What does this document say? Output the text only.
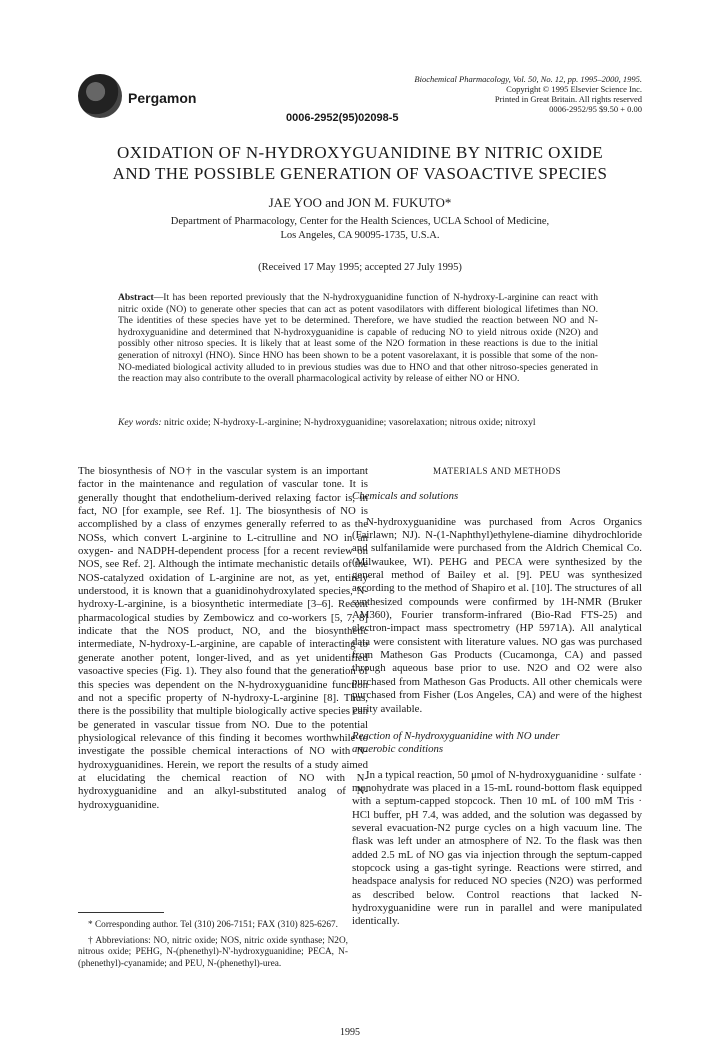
Pergamon
0006-2952(95)02098-5
Biochemical Pharmacology, Vol. 50, No. 12, pp. 1995–2000, 1995.
Copyright © 1995 Elsevier Science Inc.
Printed in Great Britain. All rights reserved
0006-2952/95 $9.50 + 0.00
OXIDATION OF N-HYDROXYGUANIDINE BY NITRIC OXIDE
AND THE POSSIBLE GENERATION OF VASOACTIVE SPECIES
JAE YOO and JON M. FUKUTO*
Department of Pharmacology, Center for the Health Sciences, UCLA School of Medicine,
Los Angeles, CA 90095-1735, U.S.A.
(Received 17 May 1995; accepted 27 July 1995)
Abstract—It has been reported previously that the N-hydroxyguanidine function of N-hydroxy-L-arginine can react with nitric oxide (NO) to generate other species that can act as potent vasodilators with different biological lifetimes than NO. The identities of these species have yet to be determined. Therefore, we have studied the reaction between NO and N-hydroxyguanidine and determined that N-hydroxyguanidine is capable of reducing NO to yield nitrous oxide (N2O) and possibly other nitroso species. It is likely that at least some of the N2O formation in these reactions is due to the initial generation of nitroxyl (HNO). Since HNO has been shown to be a potent vasorelaxant, it is possible that some of the non-NO-mediated biological activity alluded to in previous studies was due to HNO and that other nitroso-species generated in the reaction may also contribute to the overall pharmacological activity by release of either NO or HNO.
Key words: nitric oxide; N-hydroxy-L-arginine; N-hydroxyguanidine; vasorelaxation; nitrous oxide; nitroxyl

The biosynthesis of NO† in the vascular system is an important factor in the maintenance and regulation of vascular tone. It is generally thought that endothelium-derived relaxing factor is, in fact, NO [for example, see Ref. 1]. The biosynthesis of NO is accomplished by a class of enzymes generally referred to as the NOSs, which convert L-arginine to L-citrulline and NO in an oxygen- and NADPH-dependent process [for a recent review on NOS, see Ref. 2]. Although the intimate mechanistic details of the NOS-catalyzed oxidation of L-arginine are not, as yet, entirely understood, it is known that a guanidinohydroxylated species, N-hydroxy-L-arginine, is a biosynthetic intermediate [3–6]. Recent pharmacological studies by Zembowicz and co-workers [5, 7, 8] indicate that the NOS product, NO, and the biosynthetic intermediate, N-hydroxy-L-arginine, are capable of interacting to generate another potent, longer-lived, and as yet unidentified vasoactive species (Fig. 1). They also found that the generation of this species was dependent on the N-hydroxyguanidine function and not a specific property of N-hydroxy-L-arginine [8]. Thus, there is the possibility that multiple biologically active species can be generated in vascular tissue from NO. Due to the potential physiological relevance of this finding it becomes worthwhile to investigate the possible chemical interactions of NO with N-hydroxyguanidines. Herein, we report the results of a study aimed at elucidating the chemical reaction of NO with N-hydroxyguanidine and an alkyl-substituted analog of N-hydroxyguanidine.

* Corresponding author. Tel (310) 206-7151; FAX (310) 825-6267.

† Abbreviations: NO, nitric oxide; NOS, nitric oxide synthase; N2O, nitrous oxide; PEHG, N-(phenethyl)-N'-hydroxyguanidine; PECA, N-(phenethyl)-cyanamide; and PEU, N-(phenethyl)-urea.

MATERIALS AND METHODS
Chemicals and solutions

N-hydroxyguanidine was purchased from Acros Organics (Fairlawn; NJ). N-(1-Naphthyl)ethylene-diamine dihydrochloride and sulfanilamide were purchased from the Aldrich Chemical Co. (Milwaukee, WI). PEHG and PECA were synthesized by the general method of Bailey et al. [9]. PEU was synthesized according to the method of Shapiro et al. [10]. The structures of all synthesized compounds were confirmed by 1H-NMR (Bruker AM360), Fourier transform-infrared (Bio-Rad FTS-25) and electron-impact mass spectrometry (HP 5971A). All analytical data were consistent with literature values. NO gas was purchased from Matheson Gas Products (Cucamonga, CA) and passed through aqueous base prior to use. N2O and O2 were also purchased from Matheson Gas Products. All other chemicals were purchased from Fisher (Los Angeles, CA) and were of the highest purity available.

Reaction of N-hydroxyguanidine with NO under
anaerobic conditions

In a typical reaction, 50 μmol of N-hydroxyguanidine · sulfate · monohydrate was placed in a 15-mL round-bottom flask equipped with a septum-capped stopcock. Then 10 mL of 100 mM Tris · HCl buffer, pH 7.4, was added, and the solution was degassed by several evacuation-N2 purge cycles on a high vacuum line. The flask was left under an atmosphere of N2. To the flask was then added 2.5 mL of NO gas via injection through the septum-capped stopcock using a gas-tight syringe. Reactions were stirred, and headspace analysis for reduced NO species (N2O) was performed as described below. Control reactions that lacked N-hydroxyguanidine were run in parallel and were manipulated identically.

1995
